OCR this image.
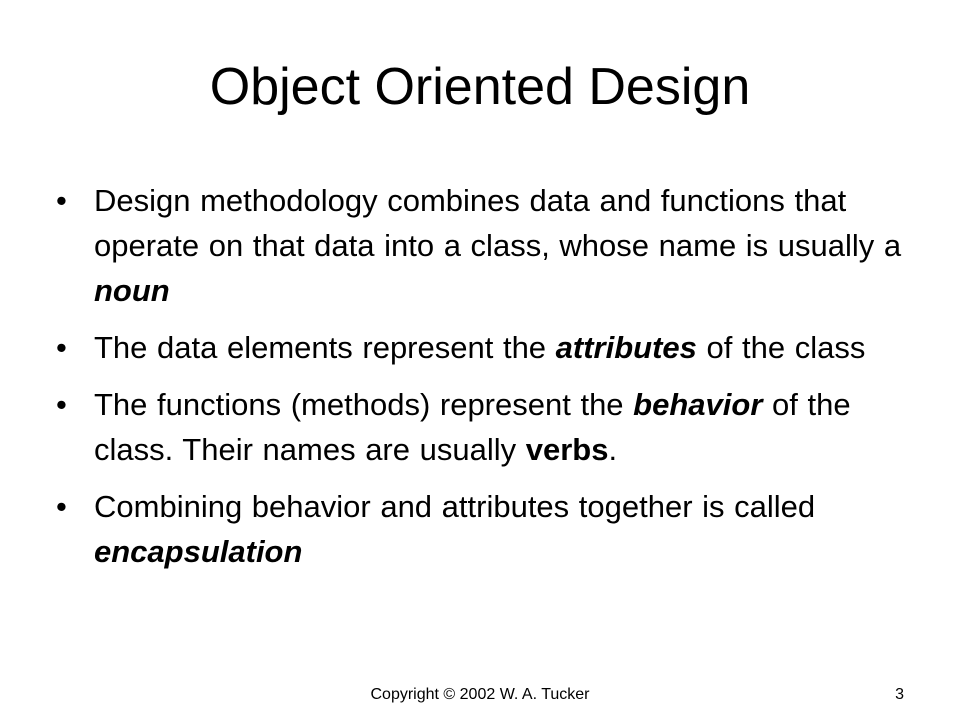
Object Oriented Design
• Design methodology combines data and functions that operate on that data into a class, whose name is usually a noun
• The data elements represent the attributes of the class
• The functions (methods) represent the behavior of the class. Their names are usually verbs.
• Combining behavior and attributes together is called encapsulation
Copyright © 2002 W. A. Tucker	3
